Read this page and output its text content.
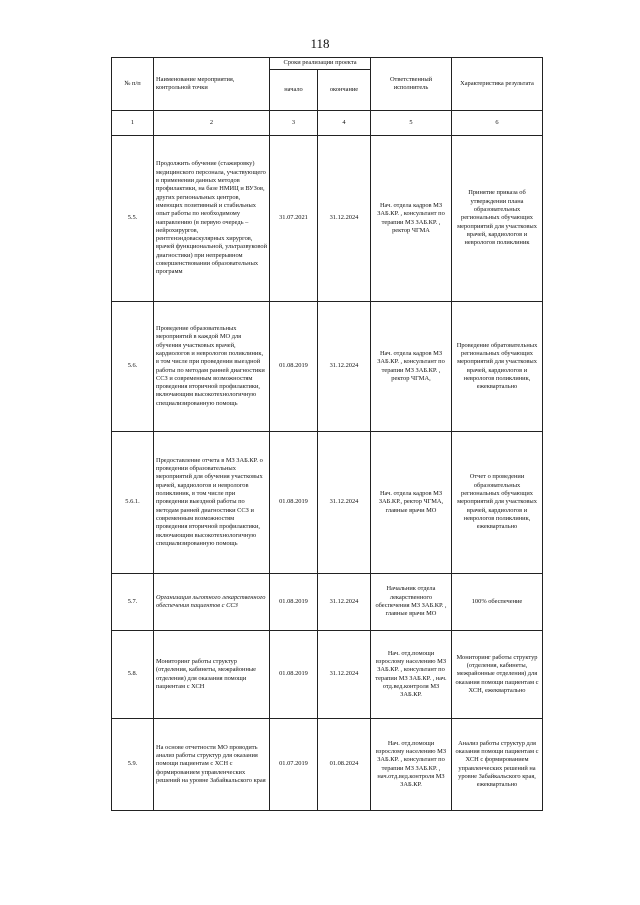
118
№ п/п	Наименование мероприятия, контрольной точки	Сроки реализации проекта		Ответственный исполнитель	Характеристика результата
		начало	окончание		
1	2	3	4	5	6
5.5.	Продолжить обучение (стажировку) медицинского персонала, участвующего в применении данных методов профилактики, на базе НМИЦ и ВУЗов, других региональных центров, имеющих позитивный и стабильных опыт работы по необходимому направлению (в первую очередь – нейрохирургов, рентгенэндоваскулярных хирургов, врачей функциональной, ультразвуковой диагностики) при непрерывном совершенствовании образовательных программ	31.07.2021	31.12.2024	Нач. отдела кадров МЗ ЗАБ.КР. , консультант по терапии МЗ ЗАБ.КР. , ректор ЧГМА	Принятие приказа об утверждении плана образовательных региональных обучающих мероприятий для участковых врачей, кардиологов и неврологов поликлиник
5.6.	Проведение образовательных мероприятий в каждой МО для обучения участковых врачей, кардиологов и неврологов поликлиник, в том числе при проведении выездной работы по методам ранней диагностики ССЗ и современным возможностям проведения вторичной профилактики, включающим высокотехнологичную специализированную помощь	01.08.2019	31.12.2024	Нач. отдела кадров МЗ ЗАБ.КР. , консультант по терапии МЗ ЗАБ.КР. , ректор ЧГМА,	Проведение обратовательных региональных обучающих мероприятий для участковых врачей, кардиологов и неврологов поликлиник, ежеквартально
5.6.1.	Предоставление отчета в МЗ ЗАБ.КР. о проведении образовательных мероприятий для обучения участковых врачей, кардиологов и неврологов поликлиник, в том числе при проведении выездной работы по методам ранней диагностики ССЗ и современным возможностям проведения вторичной профилактики, включающим высокотехнологичную специализированную помощь	01.08.2019	31.12.2024	Нач. отдела кадров МЗ ЗАБ.КР., ректор ЧГМА, главные врачи МО	Отчет о проведении образовательных региональных обучающих мероприятий для участковых врачей, кардиологов и неврологов поликлиник, ежеквартально
5.7.	Организация льготного лекарственного обеспечения пациентов с ССЗ	01.08.2019	31.12.2024	Начальник отдела лекарственного обеспечения МЗ ЗАБ.КР. , главные врачи МО	100% обеспечение
5.8.	Мониторинг работы структур (отделения, кабинеты, межрайонные отделения) для оказания помощи пациентам с ХСН	01.08.2019	31.12.2024	Нач. отд.помощи взрослому населению МЗ ЗАБ.КР. , консультант по терапии МЗ ЗАБ.КР. , нач. отд.вед.контроля МЗ ЗАБ.КР.	Мониторинг работы структур (отделения, кабинеты, межрайонные отделения) для оказания помощи пациентам с ХСН, ежеквартально
5.9.	На основе отчетности МО проводить анализ работы структур для оказания помощи пациентам с ХСН с формированием управленческих решений на уровне Забайкальского края	01.07.2019	01.08.2024	Нач. отд.помощи взрослому населению МЗ ЗАБ.КР. , консультант по терапии МЗ ЗАБ.КР. , нач.отд.вед.контроля МЗ ЗАБ.КР.	Анализ работы структур для оказания помощи пациентам с ХСН с формированием управленческих решений на уровне Забайкальского края, ежеквартально
